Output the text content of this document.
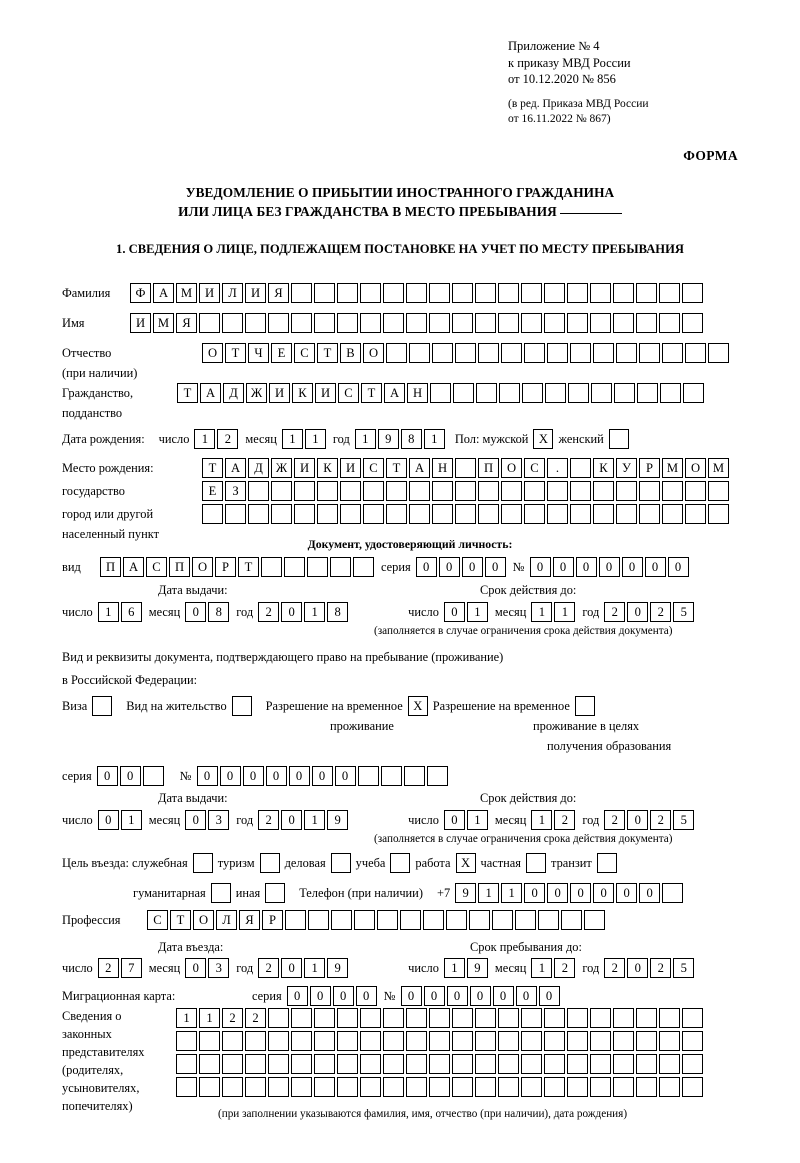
Приложение № 4
к приказу МВД России
от 10.12.2020 № 856
(в ред. Приказа МВД России
от 16.11.2022 № 867)
ФОРМА
УВЕДОМЛЕНИЕ О ПРИБЫТИИ ИНОСТРАННОГО ГРАЖДАНИНА
ИЛИ ЛИЦА БЕЗ ГРАЖДАНСТВА В МЕСТО ПРЕБЫВАНИЯ
1. СВЕДЕНИЯ О ЛИЦЕ, ПОДЛЕЖАЩЕМ ПОСТАНОВКЕ НА УЧЕТ ПО МЕСТУ ПРЕБЫВАНИЯ
Фамилия	Ф	А	М	И	Л	И	Я
Имя	И	М	Я
Отчество	О	Т	Ч	Е	С	Т	В	О
(при наличии)
Гражданство,	Т	А	Д	Ж	И	К	И	С	Т	А	Н
подданство
Дата рождения: число 1	2	месяц 1	1	год 1	9	8	1	Пол: мужской Х женский
Место рождения:	Т	А	Д	Ж	И	К	И	С	Т	А	Н	П	О	С	.	К	У	Р	М	О	М
государство	Е	З
город или другой
населенный пункт
Документ, удостоверяющий личность:
вид	П	А	С	П	О	Р	Т	серия 0	0	0	0	№ 0	0	0	0	0	0	0
Дата выдачи:	Срок действия до:
число 1	6	месяц 0	8	год 2	0	1	8	число 0	1	месяц 1	1	год 2	0	2	5
(заполняется в случае ограничения срока действия документа)
Вид и реквизиты документа, подтверждающего право на пребывание (проживание)
в Российской Федерации:
Виза	Вид на жительство	Разрешение на временное Х Разрешение на временное
проживание	проживание в целях
получения образования
серия 0	0	№ 0	0	0	0	0	0	0
Дата выдачи:	Срок действия до:
число 0	1	месяц 0	3	год 2	0	1	9	число 0	1	месяц 1	2	год 2	0	2	5
(заполняется в случае ограничения срока действия документа)
Цель въезда: служебная туризм деловая учеба работа Х частная транзит
гуманитарная иная	Телефон (при наличии) +7 9	1	1	0	0	0	0	0	0
Профессия	С	Т	О	Л	Я	Р
Дата въезда:	Срок пребывания до:
число 2	7	месяц 0	3	год 2	0	1	9	число 1	9	месяц 1	2	год 2	0	2	5
Миграционная карта:	серия 0	0	0	0	№ 0	0	0	0	0	0	0
Сведения о
законных
представителях
(родителях,
усыновителях,
попечителях)
1	1	2	2
(при заполнении указываются фамилия, имя, отчество (при наличии), дата рождения)
